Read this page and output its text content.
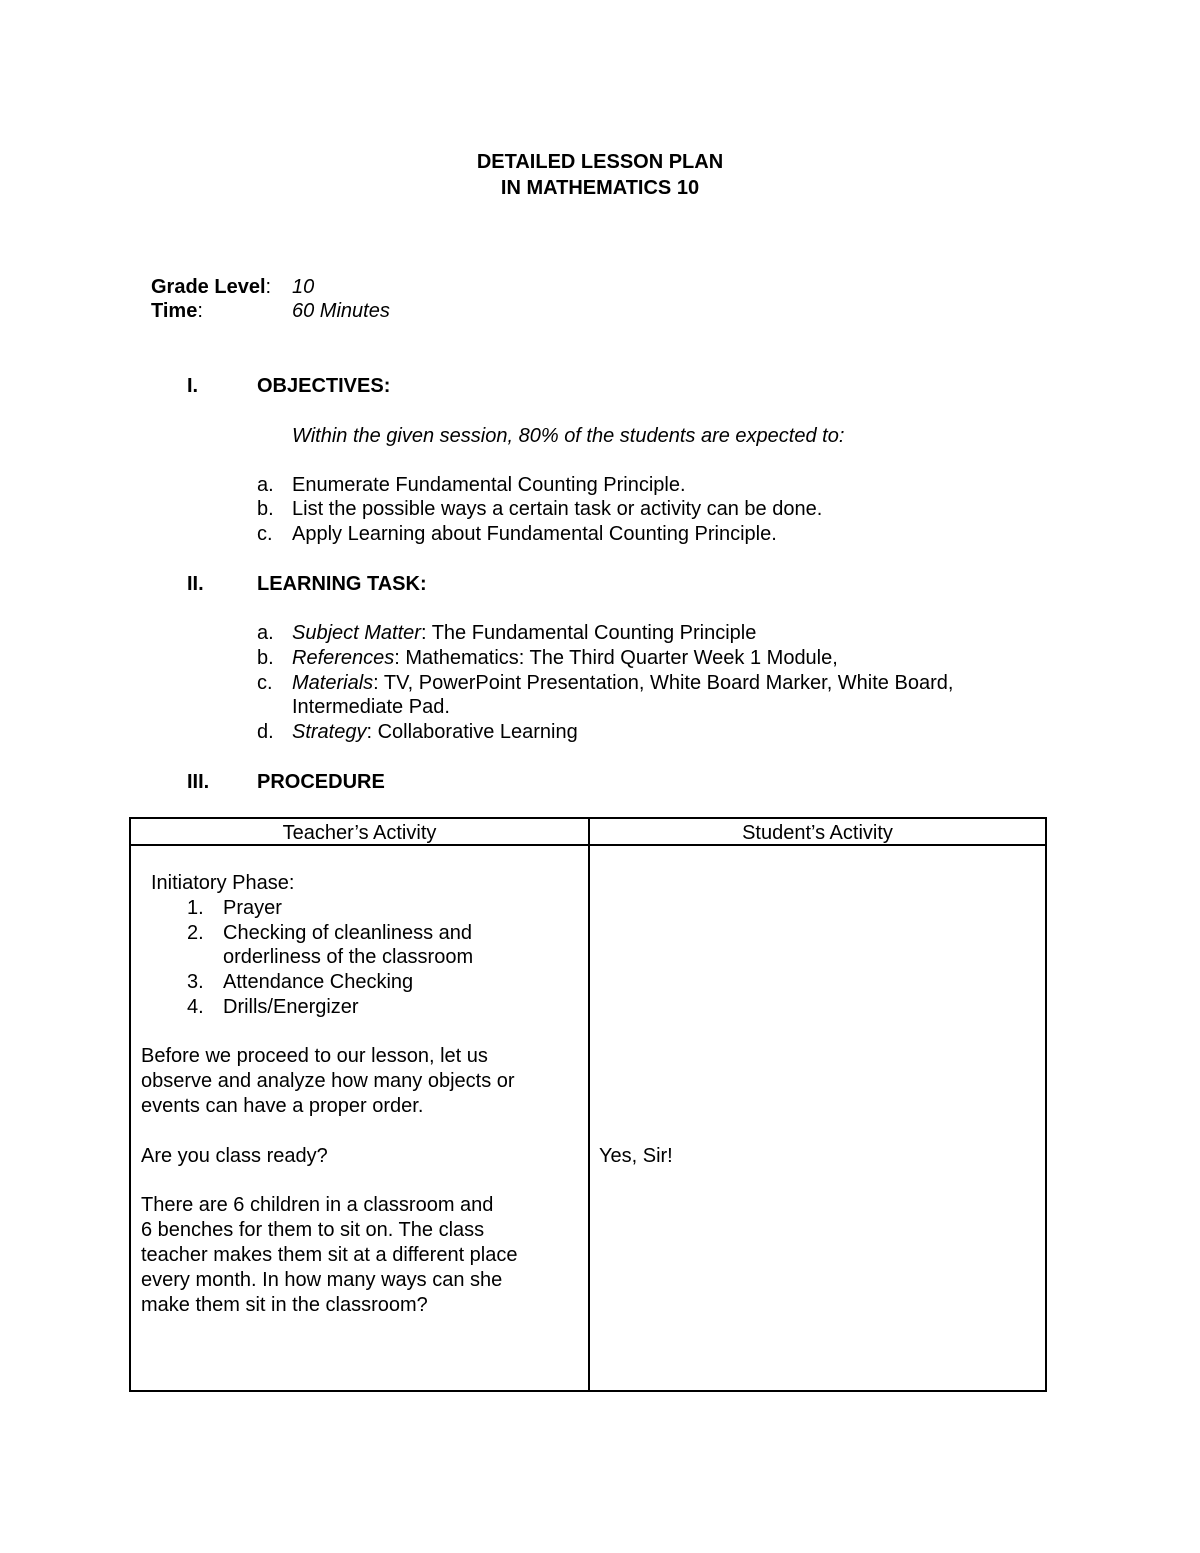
DETAILED LESSON PLAN
IN MATHEMATICS 10
Grade Level: 10
Time:	60 Minutes
I.	OBJECTIVES:
Within the given session, 80% of the students are expected to:
a. Enumerate Fundamental Counting Principle.
b. List the possible ways a certain task or activity can be done.
c. Apply Learning about Fundamental Counting Principle.
II.	LEARNING TASK:
a. Subject Matter: The Fundamental Counting Principle
b. References: Mathematics: The Third Quarter Week 1 Module,
c. Materials: TV, PowerPoint Presentation, White Board Marker, White Board,
Intermediate Pad.
d. Strategy: Collaborative Learning
III. PROCEDURE
Teacher’s Activity	Student’s Activity
Initiatory Phase:
1. Prayer
2. Checking of cleanliness and
orderliness of the classroom
3. Attendance Checking
4. Drills/Energizer
Before we proceed to our lesson, let us
observe and analyze how many objects or
events can have a proper order.
Are you class ready?	Yes, Sir!
There are 6 children in a classroom and
6 benches for them to sit on. The class
teacher makes them sit at a different place
every month. In how many ways can she
make them sit in the classroom?
